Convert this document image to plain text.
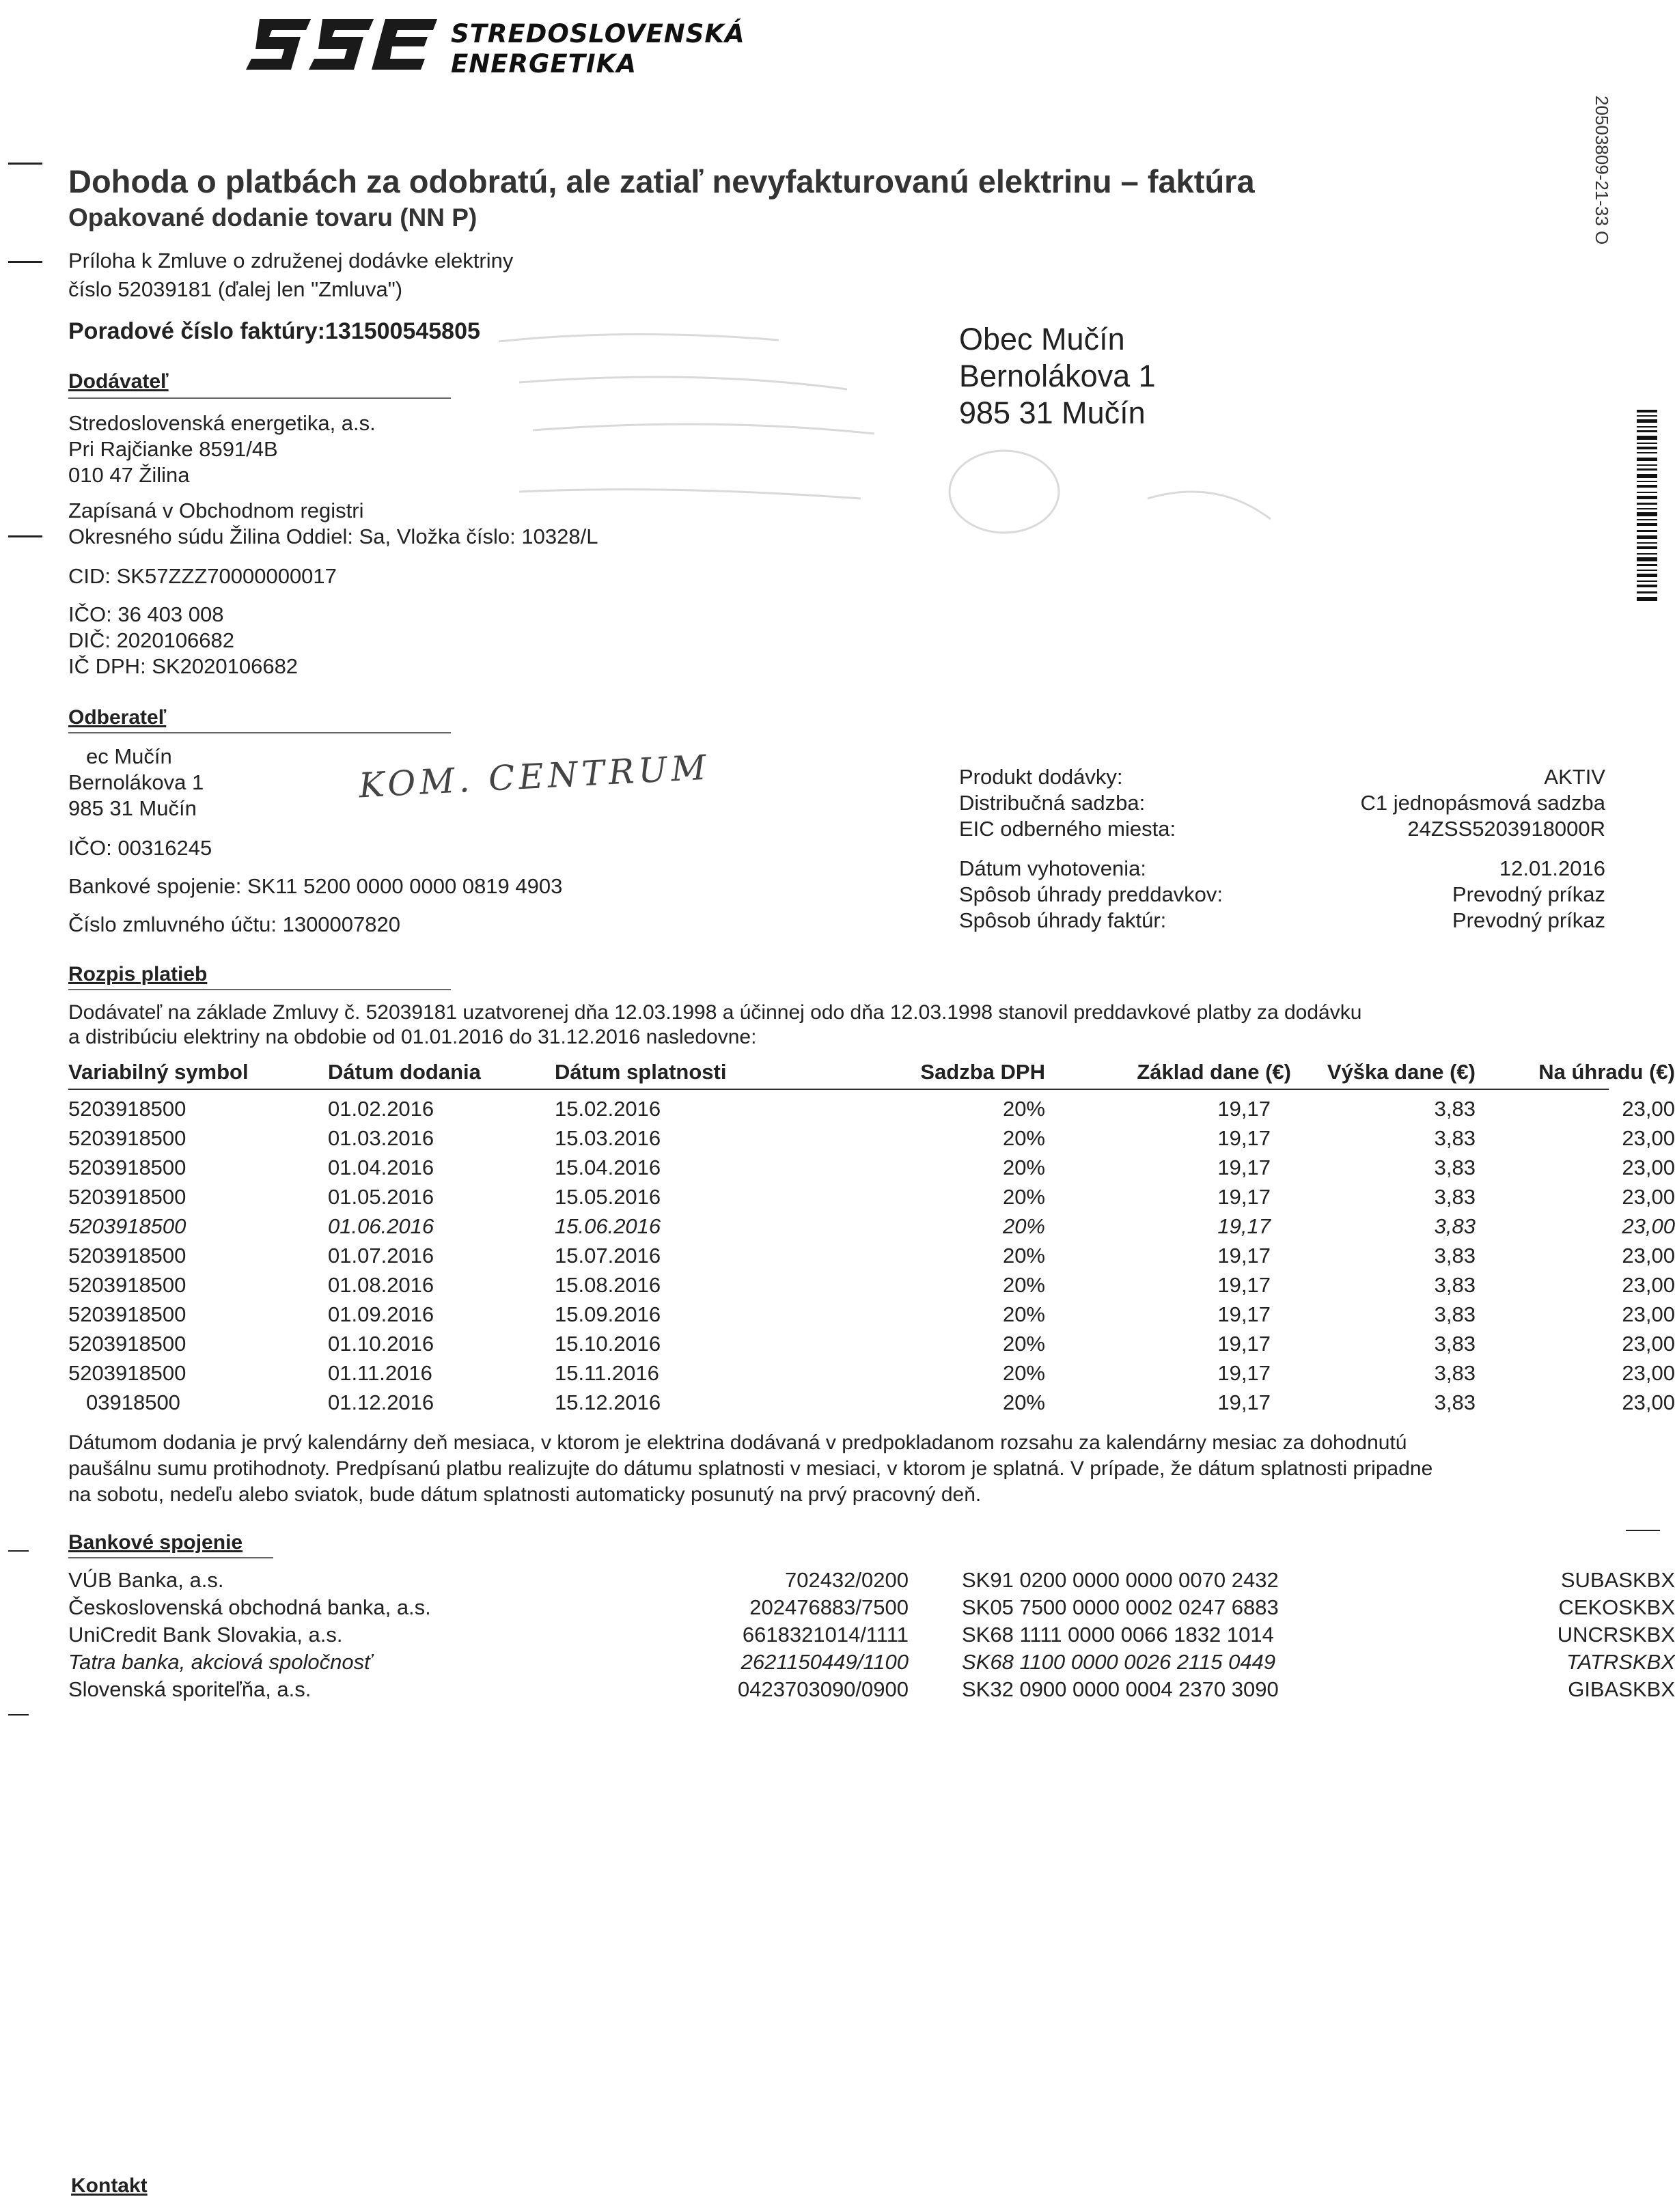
STREDOSLOVENSKÁ
ENERGETIKA
20503809-21-33 O
Dohoda o platbách za odobratú, ale zatiaľ nevyfakturovanú elektrinu – faktúra
Opakované dodanie tovaru (NN P)
Príloha k Zmluve o združenej dodávke elektriny
číslo 52039181 (ďalej len "Zmluva")
Poradové číslo faktúry: 131500545805	Obec Mučín
Bernolákova 1
985 31 Mučín
Dodávateľ
Stredoslovenská energetika, a.s.
Pri Rajčianke 8591/4B
010 47 Žilina
Zapísaná v Obchodnom registri
Okresného súdu Žilina Oddiel: Sa, Vložka číslo: 10328/L
CID: SK57ZZZ70000000017
IČO: 36 403 008
DIČ: 2020106682
IČ DPH: SK2020106682
Odberateľ
ec Mučín
Bernolákova 1
985 31 Mučín
IČO: 00316245
Bankové spojenie: SK11 5200 0000 0000 0819 4903
Číslo zmluvného účtu: 1300007820
KOM. CENTRUM	Produkt dodávky:	AKTIV
Distribučná sadzba:	C1 jednopásmová sadzba
EIC odberného miesta:	24ZSS5203918000R
Dátum vyhotovenia:	12.01.2016
Spôsob úhrady preddavkov:	Prevodný príkaz
Spôsob úhrady faktúr:	Prevodný príkaz
Rozpis platieb
Dodávateľ na základe Zmluvy č. 52039181 uzatvorenej dňa 12.03.1998 a účinnej odo dňa 12.03.1998 stanovil preddavkové platby za dodávku
a distribúciu elektriny na obdobie od 01.01.2016 do 31.12.2016 nasledovne:
Variabilný symbol	Dátum dodania	Dátum splatnosti	Sadzba DPH	Základ dane (€)	Výška dane (€)	Na úhradu (€)
5203918500	01.02.2016	15.02.2016	20%	19,17	3,83	23,00
5203918500	01.03.2016	15.03.2016	20%	19,17	3,83	23,00
5203918500	01.04.2016	15.04.2016	20%	19,17	3,83	23,00
5203918500	01.05.2016	15.05.2016	20%	19,17	3,83	23,00
5203918500	01.06.2016	15.06.2016	20%	19,17	3,83	23,00
5203918500	01.07.2016	15.07.2016	20%	19,17	3,83	23,00
5203918500	01.08.2016	15.08.2016	20%	19,17	3,83	23,00
5203918500	01.09.2016	15.09.2016	20%	19,17	3,83	23,00
5203918500	01.10.2016	15.10.2016	20%	19,17	3,83	23,00
5203918500	01.11.2016	15.11.2016	20%	19,17	3,83	23,00
03918500	01.12.2016	15.12.2016	20%	19,17	3,83	23,00
Dátumom dodania je prvý kalendárny deň mesiaca, v ktorom je elektrina dodávaná v predpokladanom rozsahu za kalendárny mesiac za dohodnutú
paušálnu sumu protihodnoty. Predpísanú platbu realizujte do dátumu splatnosti v mesiaci, v ktorom je splatná. V prípade, že dátum splatnosti pripadne
na sobotu, nedeľu alebo sviatok, bude dátum splatnosti automaticky posunutý na prvý pracovný deň.
Bankové spojenie
VÚB Banka, a.s.	702432/0200	SK91 0200 0000 0000 0070 2432	SUBASKBX
Československá obchodná banka, a.s.	202476883/7500	SK05 7500 0000 0002 0247 6883	CEKOSKBX
UniCredit Bank Slovakia, a.s.	6618321014/1111	SK68 1111 0000 0066 1832 1014	UNCRSKBX
Tatra banka, akciová spoločnosť	2621150449/1100	SK68 1100 0000 0026 2115 0449	TATRSKBX
Slovenská sporiteľňa, a.s.	0423703090/0900	SK32 0900 0000 0004 2370 3090	GIBASKBX
Kontakt
